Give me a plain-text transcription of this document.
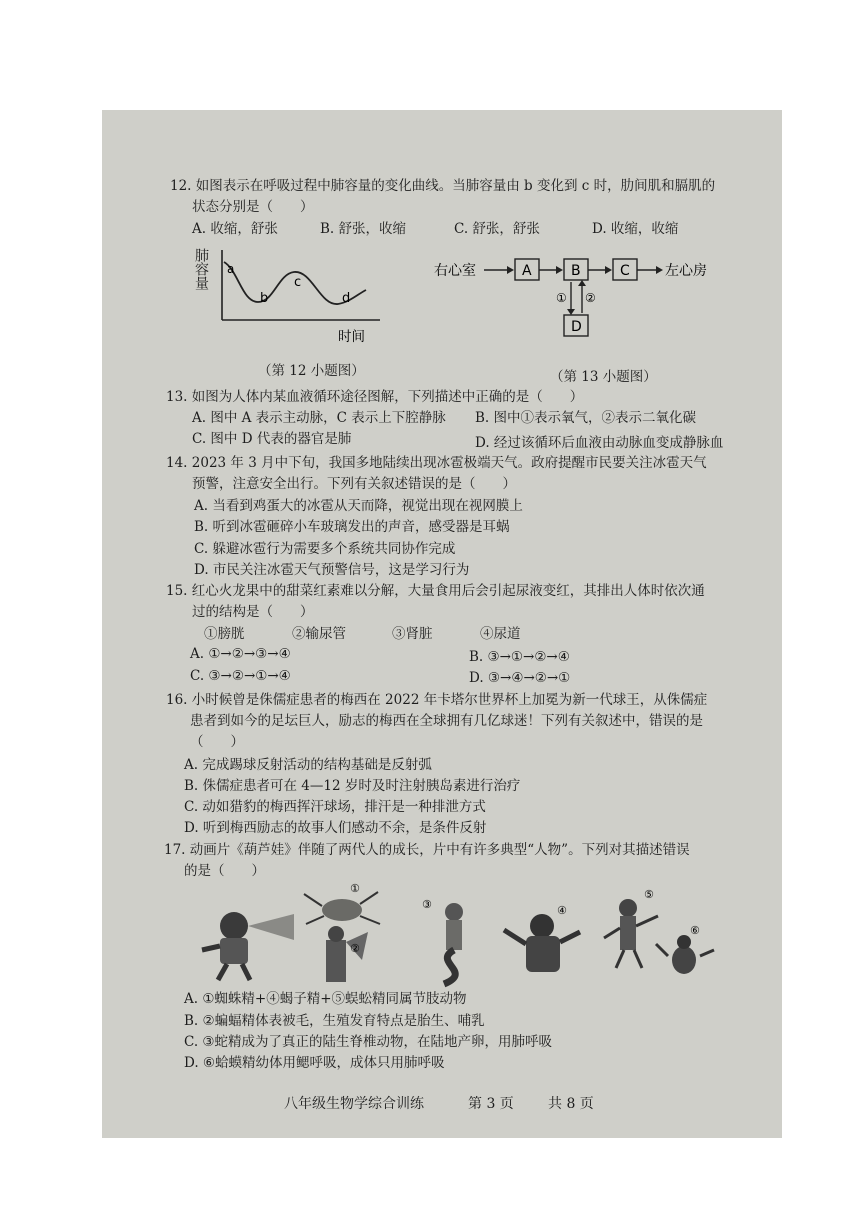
12. 如图表示在呼吸过程中肺容量的变化曲线。当肺容量由 b 变化到 c 时，肋间肌和膈肌的
状态分别是（　　）
A. 收缩，舒张	B. 舒张，收缩	C. 舒张，舒张	D. 收缩，收缩
a
b
c
d
时间
肺容量
（第 12 小题图）
右心室	A	B	C	左心房
① ②
D
（第 13 小题图）
13. 如图为人体内某血液循环途径图解，下列描述中正确的是（　　）
A. 图中 A 表示主动脉，C 表示上下腔静脉 B. 图中①表示氧气，②表示二氧化碳
C. 图中 D 代表的器官是肺	D. 经过该循环后血液由动脉血变成静脉血
14. 2023 年 3 月中下旬，我国多地陆续出现冰雹极端天气。政府提醒市民要关注冰雹天气
预警，注意安全出行。下列有关叙述错误的是（　　）
A. 当看到鸡蛋大的冰雹从天而降，视觉出现在视网膜上
B. 听到冰雹砸碎小车玻璃发出的声音，感受器是耳蜗
C. 躲避冰雹行为需要多个系统共同协作完成
D. 市民关注冰雹天气预警信号，这是学习行为
15. 红心火龙果中的甜菜红素难以分解，大量食用后会引起尿液变红，其排出人体时依次通
过的结构是（　　）
①膀胱	②输尿管	③肾脏	④尿道
A. ①→②→③→④	B. ③→①→②→④
C. ③→②→①→④	D. ③→④→②→①
16. 小时候曾是侏儒症患者的梅西在 2022 年卡塔尔世界杯上加冕为新一代球王，从侏儒症
患者到如今的足坛巨人，励志的梅西在全球拥有几亿球迷！下列有关叙述中，错误的是
（　　）
A. 完成踢球反射活动的结构基础是反射弧
B. 侏儒症患者可在 4—12 岁时及时注射胰岛素进行治疗
C. 动如猎豹的梅西挥汗球场，排汗是一种排泄方式
D. 听到梅西励志的故事人们感动不余，是条件反射
17. 动画片《葫芦娃》伴随了两代人的成长，片中有许多典型“人物”。下列对其描述错误
的是（　　）
①
②
③	④
⑤
⑥
A. ①蜘蛛精+④蝎子精+⑤蜈蚣精同属节肢动物
B. ②蝙蝠精体表被毛，生殖发育特点是胎生、哺乳
C. ③蛇精成为了真正的陆生脊椎动物，在陆地产卵，用肺呼吸
D. ⑥蛤蟆精幼体用鳃呼吸，成体只用肺呼吸
八年级生物学综合训练	第 3 页 共 8 页
